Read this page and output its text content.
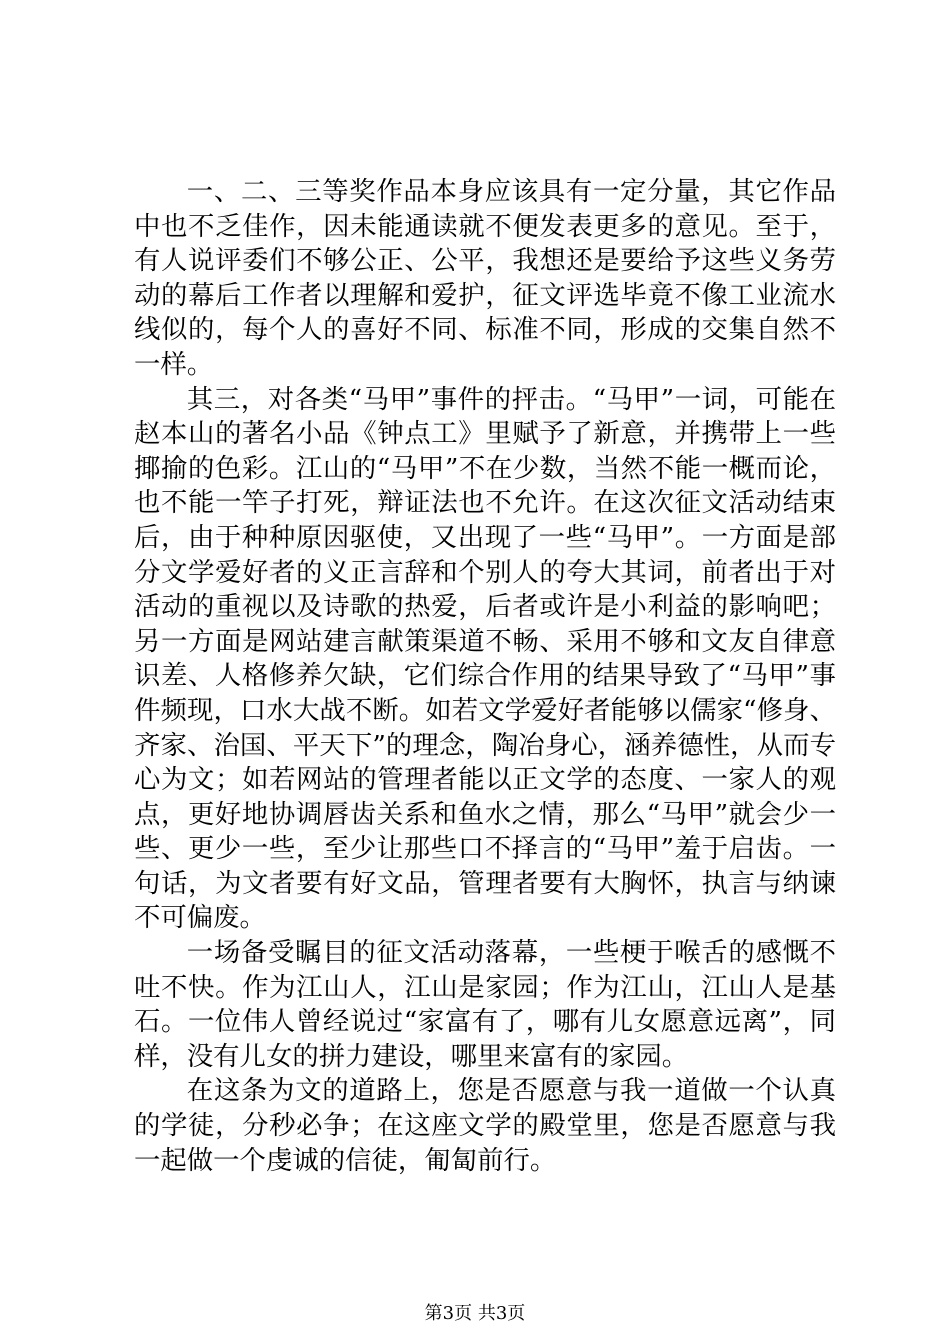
一、二、三等奖作品本身应该具有一定分量，其它作品中也不乏佳作，因未能通读就不便发表更多的意见。至于，有人说评委们不够公正、公平，我想还是要给予这些义务劳动的幕后工作者以理解和爱护，征文评选毕竟不像工业流水线似的，每个人的喜好不同、标准不同，形成的交集自然不一样。

其三，对各类“马甲”事件的抨击。“马甲”一词，可能在赵本山的著名小品《钟点工》里赋予了新意，并携带上一些揶揄的色彩。江山的“马甲”不在少数，当然不能一概而论，也不能一竿子打死，辩证法也不允许。在这次征文活动结束后，由于种种原因驱使，又出现了一些“马甲”。一方面是部分文学爱好者的义正言辞和个别人的夸大其词，前者出于对活动的重视以及诗歌的热爱，后者或许是小利益的影响吧；另一方面是网站建言献策渠道不畅、采用不够和文友自律意识差、人格修养欠缺，它们综合作用的结果导致了“马甲”事件频现，口水大战不断。如若文学爱好者能够以儒家“修身、齐家、治国、平天下”的理念，陶冶身心，涵养德性，从而专心为文；如若网站的管理者能以正文学的态度、一家人的观点，更好地协调唇齿关系和鱼水之情，那么“马甲”就会少一些、更少一些，至少让那些口不择言的“马甲”羞于启齿。一句话，为文者要有好文品，管理者要有大胸怀，执言与纳谏不可偏废。

一场备受瞩目的征文活动落幕，一些梗于喉舌的感慨不吐不快。作为江山人，江山是家园；作为江山，江山人是基石。一位伟人曾经说过“家富有了，哪有儿女愿意远离”，同样，没有儿女的拼力建设，哪里来富有的家园。

在这条为文的道路上，您是否愿意与我一道做一个认真的学徒，分秒必争；在这座文学的殿堂里，您是否愿意与我一起做一个虔诚的信徒，匍匐前行。

第3页 共3页
